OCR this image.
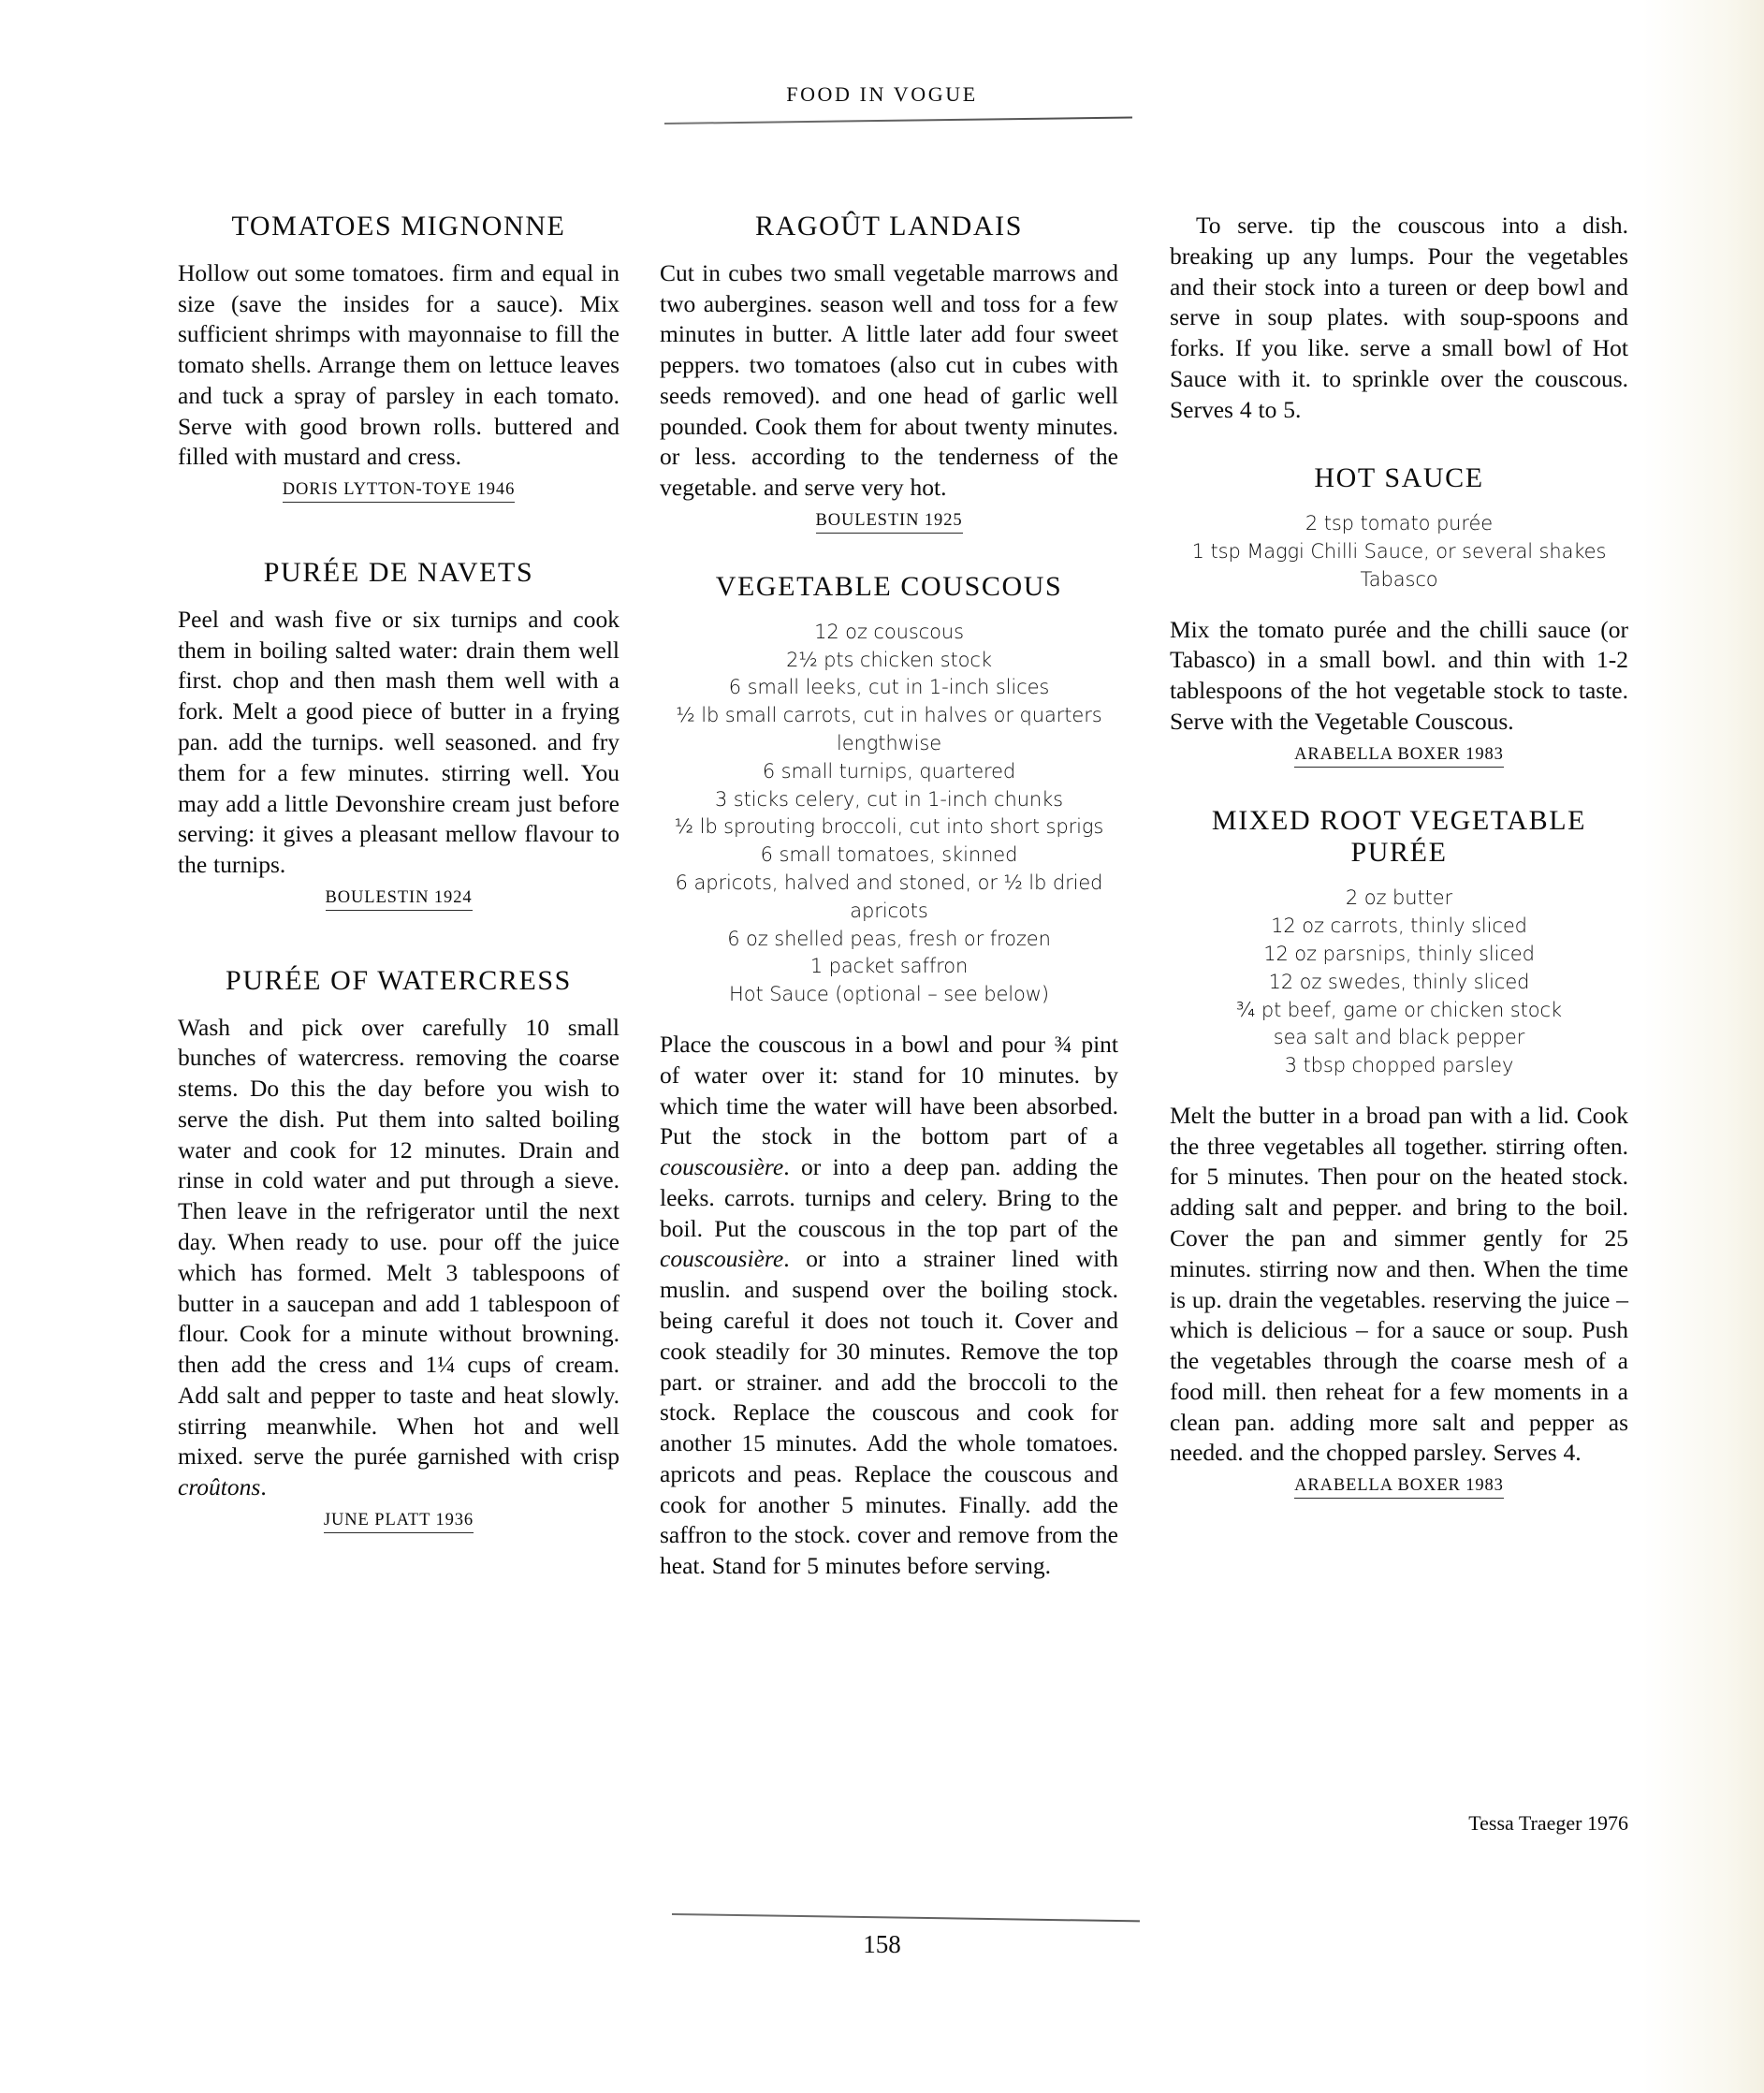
FOOD IN VOGUE
TOMATOES MIGNONNE

Hollow out some tomatoes. firm and equal in size (save the insides for a sauce). Mix sufficient shrimps with mayonnaise to fill the tomato shells. Arrange them on lettuce leaves and tuck a spray of parsley in each tomato. Serve with good brown rolls. buttered and filled with mustard and cress.

DORIS LYTTON-TOYE 1946
PURÉE DE NAVETS

Peel and wash five or six turnips and cook them in boiling salted water: drain them well first. chop and then mash them well with a fork. Melt a good piece of butter in a frying pan. add the turnips. well seasoned. and fry them for a few minutes. stirring well. You may add a little Devonshire cream just before serving: it gives a pleasant mellow flavour to the turnips.

BOULESTIN 1924
PURÉE OF WATERCRESS

Wash and pick over carefully 10 small bunches of watercress. removing the coarse stems. Do this the day before you wish to serve the dish. Put them into salted boiling water and cook for 12 minutes. Drain and rinse in cold water and put through a sieve. Then leave in the refrigerator until the next day. When ready to use. pour off the juice which has formed. Melt 3 tablespoons of butter in a saucepan and add 1 tablespoon of flour. Cook for a minute without browning. then add the cress and 1¼ cups of cream. Add salt and pepper to taste and heat slowly. stirring meanwhile. When hot and well mixed. serve the purée garnished with crisp croûtons.

JUNE PLATT 1936
RAGOÛT LANDAIS

Cut in cubes two small vegetable marrows and two aubergines. season well and toss for a few minutes in butter. A little later add four sweet peppers. two tomatoes (also cut in cubes with seeds removed). and one head of garlic well pounded. Cook them for about twenty minutes. or less. according to the tenderness of the vegetable. and serve very hot.

BOULESTIN 1925
VEGETABLE COUSCOUS
12 oz couscous
2½ pts chicken stock
6 small leeks, cut in 1-inch slices
½ lb small carrots, cut in halves or quarters lengthwise
6 small turnips, quartered
3 sticks celery, cut in 1-inch chunks
½ lb sprouting broccoli, cut into short sprigs
6 small tomatoes, skinned
6 apricots, halved and stoned, or ½ lb dried apricots
6 oz shelled peas, fresh or frozen
1 packet saffron
Hot Sauce (optional – see below)

Place the couscous in a bowl and pour ¾ pint of water over it: stand for 10 minutes. by which time the water will have been absorbed. Put the stock in the bottom part of a couscousière. or into a deep pan. adding the leeks. carrots. turnips and celery. Bring to the boil. Put the couscous in the top part of the couscousière. or into a strainer lined with muslin. and suspend over the boiling stock. being careful it does not touch it. Cover and cook steadily for 30 minutes. Remove the top part. or strainer. and add the broccoli to the stock. Replace the couscous and cook for another 15 minutes. Add the whole tomatoes. apricots and peas. Replace the couscous and cook for another 5 minutes. Finally. add the saffron to the stock. cover and remove from the heat. Stand for 5 minutes before serving.

To serve. tip the couscous into a dish. breaking up any lumps. Pour the vegetables and their stock into a tureen or deep bowl and serve in soup plates. with soup-spoons and forks. If you like. serve a small bowl of Hot Sauce with it. to sprinkle over the couscous. Serves 4 to 5.

HOT SAUCE
2 tsp tomato purée
1 tsp Maggi Chilli Sauce, or several shakes Tabasco

Mix the tomato purée and the chilli sauce (or Tabasco) in a small bowl. and thin with 1-2 tablespoons of the hot vegetable stock to taste. Serve with the Vegetable Couscous.

ARABELLA BOXER 1983
MIXED ROOT VEGETABLE PURÉE
2 oz butter
12 oz carrots, thinly sliced
12 oz parsnips, thinly sliced
12 oz swedes, thinly sliced
¾ pt beef, game or chicken stock
sea salt and black pepper
3 tbsp chopped parsley

Melt the butter in a broad pan with a lid. Cook the three vegetables all together. stirring often. for 5 minutes. Then pour on the heated stock. adding salt and pepper. and bring to the boil. Cover the pan and simmer gently for 25 minutes. stirring now and then. When the time is up. drain the vegetables. reserving the juice – which is delicious – for a sauce or soup. Push the vegetables through the coarse mesh of a food mill. then reheat for a few moments in a clean pan. adding more salt and pepper as needed. and the chopped parsley. Serves 4.

ARABELLA BOXER 1983
Tessa Traeger 1976
158
